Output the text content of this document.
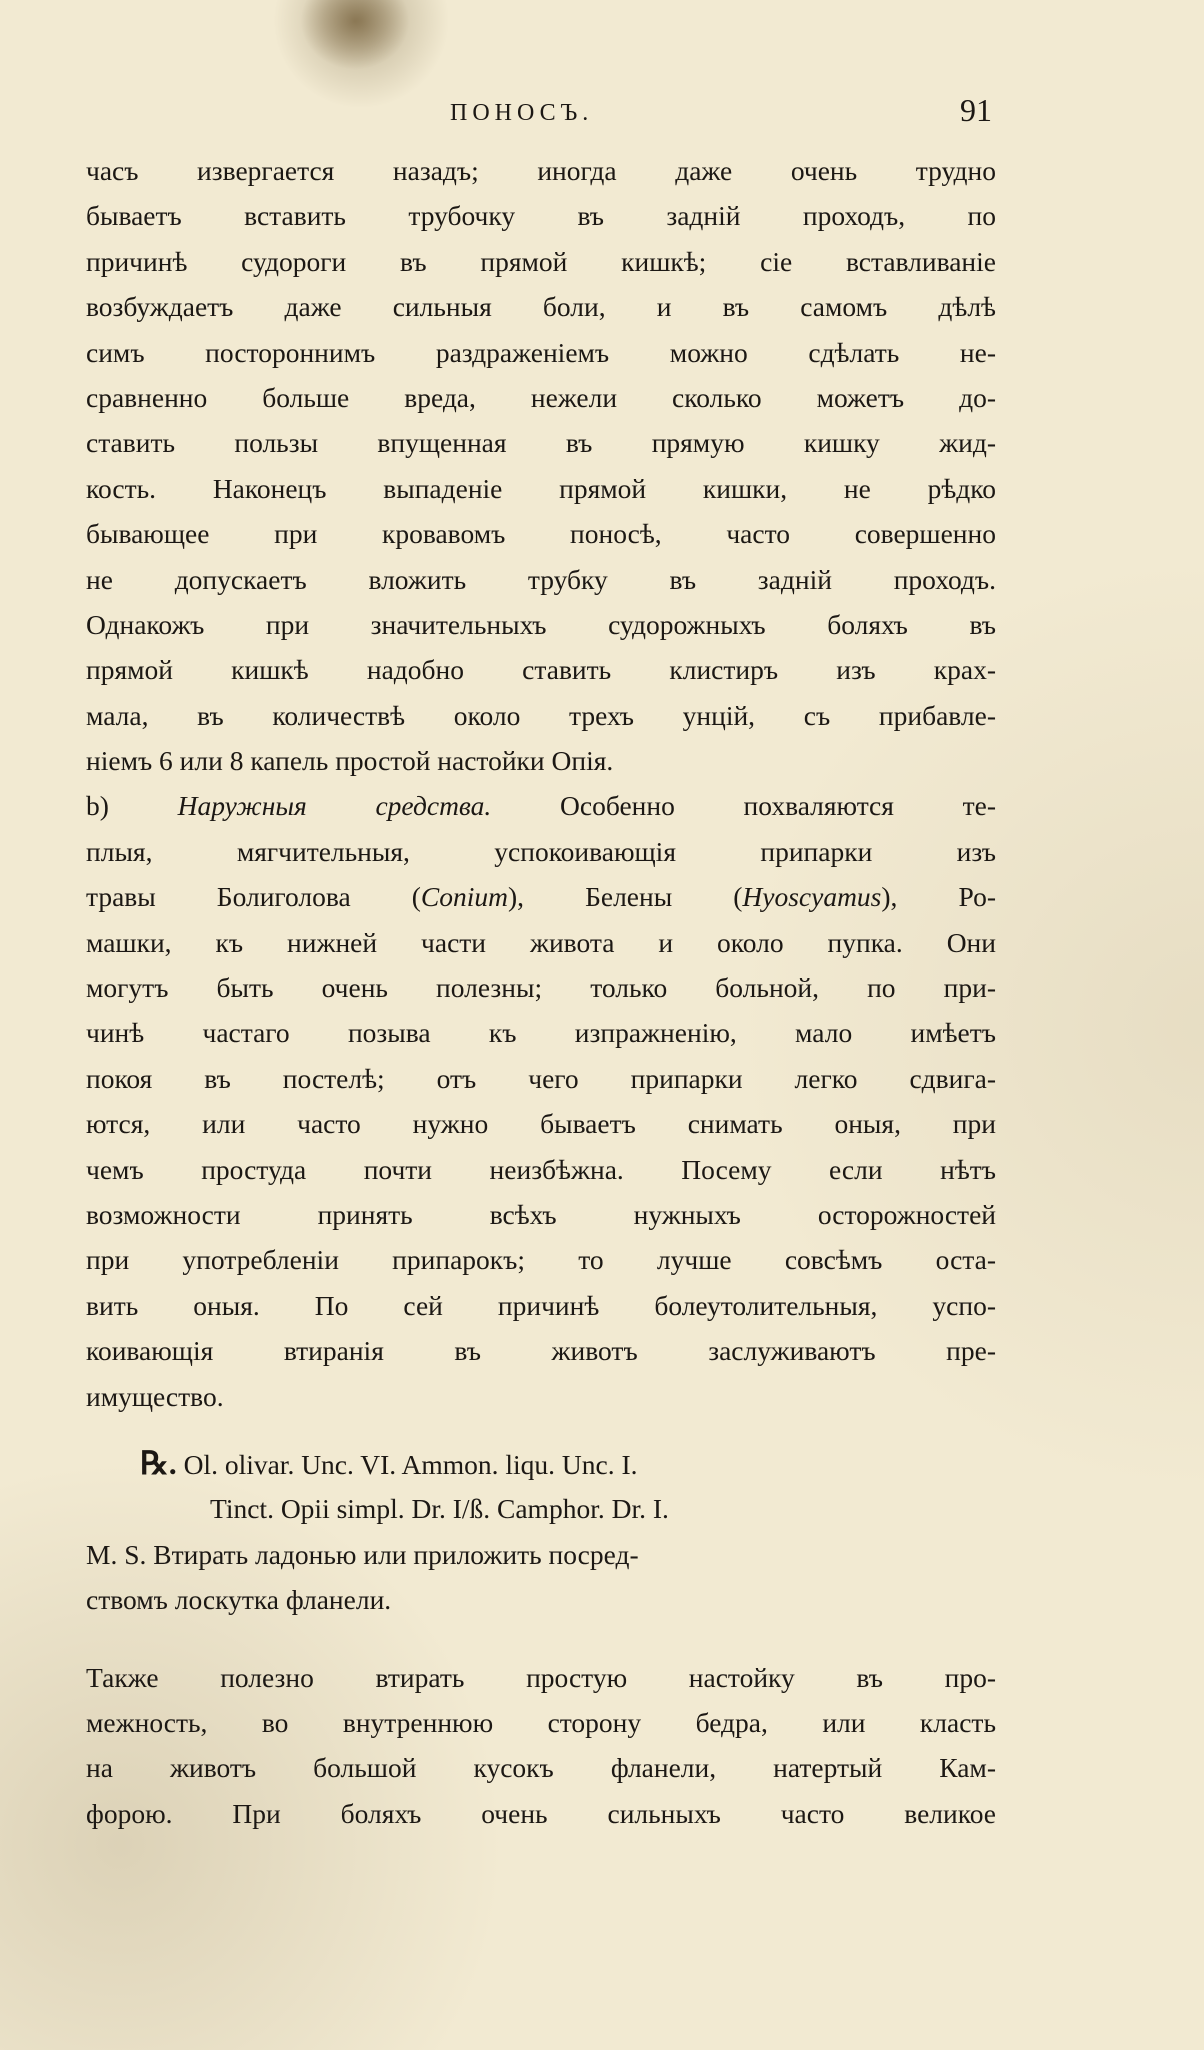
ПОНОСЪ.	91
часъ извергается назадъ; иногда даже очень трудно
бываетъ вставить трубочку въ задній проходъ, по
причинѣ судороги въ прямой кишкѣ; сіе вставливаніе
возбуждаетъ даже сильныя боли, и въ самомъ дѣлѣ
симъ постороннимъ раздраженіемъ можно сдѣлать не-
сравненно больше вреда, нежели сколько можетъ до-
ставить пользы впущенная въ прямую кишку жид-
кость. Наконецъ выпаденіе прямой кишки, не рѣдко
бывающее при кровавомъ поносѣ, часто совершенно
не допускаетъ вложить трубку въ задній проходъ.
Однакожъ при значительныхъ судорожныхъ боляхъ въ
прямой кишкѣ надобно ставить клистиръ изъ крах-
мала, въ количествѣ около трехъ унцій, съ прибавле-
ніемъ 6 или 8 капель простой настойки Опія.
b) Наружныя средства. Особенно похваляются те-
плыя, мягчительныя, успокоивающія припарки изъ
травы Болиголова (Conium), Белены (Hyoscyamus), Ро-
машки, къ нижней части живота и около пупка. Они
могутъ быть очень полезны; только больной, по при-
чинѣ частаго позыва къ изпражненію, мало имѣетъ
покоя въ постелѣ; отъ чего припарки легко сдвига-
ются, или часто нужно бываетъ снимать оныя, при
чемъ простуда почти неизбѣжна. Посему если нѣтъ
возможности принять всѣхъ нужныхъ осторожностей
при употребленіи припарокъ; то лучше совсѣмъ оста-
вить оныя. По сей причинѣ болеутолительныя, успо-
коивающія втиранія въ животъ заслуживаютъ пре-
имущество.
℞. Ol. olivar. Unc. VI. Ammon. liqu. Unc. I.
Tinct. Opii simpl. Dr. I/ß. Camphor. Dr. I.
M. S. Втирать ладонью или приложить посред-
ствомъ лоскутка фланели.
Также полезно втирать простую настойку въ про-
межность, во внутреннюю сторону бедра, или класть
на животъ большой кусокъ фланели, натертый Кам-
форою. При боляхъ очень сильныхъ часто великое
